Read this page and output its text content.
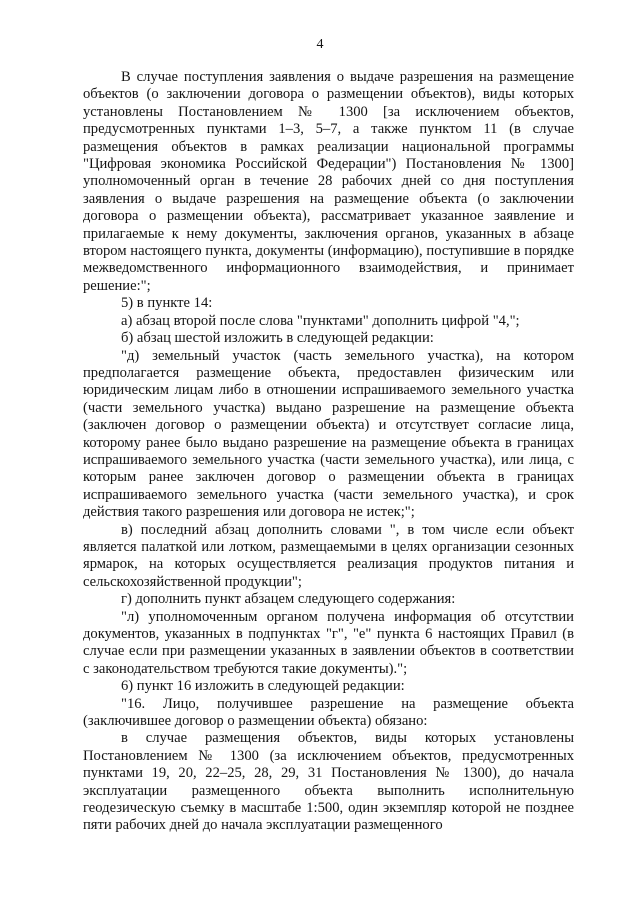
4

В случае поступления заявления о выдаче разрешения на размещение объектов (о заключении договора о размещении объектов), виды которых установлены Постановлением № 1300 [за исключением объектов, предусмотренных пунктами 1–3, 5–7, а также пунктом 11 (в случае размещения объектов в рамках реализации национальной программы "Цифровая экономика Российской Федерации") Постановления № 1300] уполномоченный орган в течение 28 рабочих дней со дня поступления заявления о выдаче разрешения на размещение объекта (о заключении договора о размещении объекта), рассматривает указанное заявление и прилагаемые к нему документы, заключения органов, указанных в абзаце втором настоящего пункта, документы (информацию), поступившие в порядке межведомственного информационного взаимодействия, и принимает решение:";

5) в пункте 14:

а) абзац второй после слова "пунктами" дополнить цифрой "4,";

б) абзац шестой изложить в следующей редакции:

"д) земельный участок (часть земельного участка), на котором предполагается размещение объекта, предоставлен физическим или юридическим лицам либо в отношении испрашиваемого земельного участка (части земельного участка) выдано разрешение на размещение объекта (заключен договор о размещении объекта) и отсутствует согласие лица, которому ранее было выдано разрешение на размещение объекта в границах испрашиваемого земельного участка (части земельного участка), или лица, с которым ранее заключен договор о размещении объекта в границах испрашиваемого земельного участка (части земельного участка), и срок действия такого разрешения или договора не истек;";

в) последний абзац дополнить словами ", в том числе если объект является палаткой или лотком, размещаемыми в целях организации сезонных ярмарок, на которых осуществляется реализация продуктов питания и сельскохозяйственной продукции";

г) дополнить пункт абзацем следующего содержания:

"л) уполномоченным органом получена информация об отсутствии документов, указанных в подпунктах "г", "е" пункта 6 настоящих Правил (в случае если при размещении указанных в заявлении объектов в соответствии с законодательством требуются такие документы).";

6) пункт 16 изложить в следующей редакции:

"16. Лицо, получившее разрешение на размещение объекта (заключившее договор о размещении объекта) обязано:

в случае размещения объектов, виды которых установлены Постановлением № 1300 (за исключением объектов, предусмотренных пунктами 19, 20, 22–25, 28, 29, 31 Постановления № 1300), до начала эксплуатации размещенного объекта выполнить исполнительную геодезическую съемку в масштабе 1:500, один экземпляр которой не позднее пяти рабочих дней до начала эксплуатации размещенного
